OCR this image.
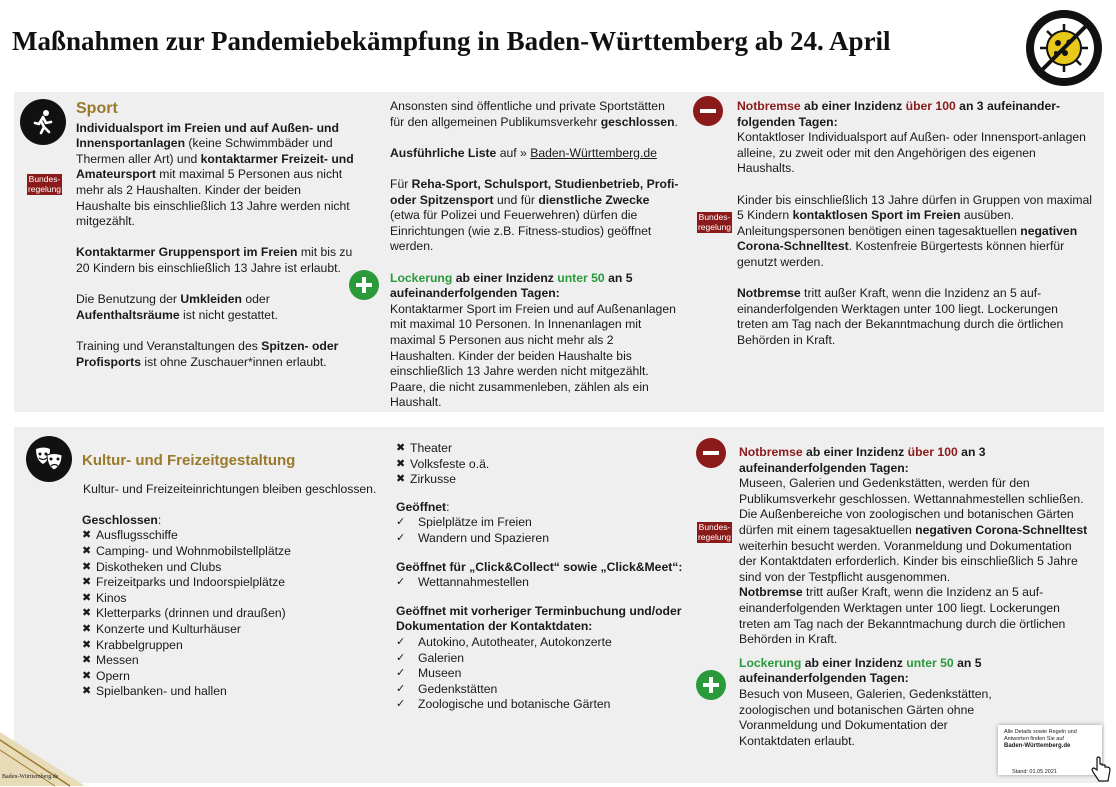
Maßnahmen zur Pandemiebekämpfung in Baden-Württemberg ab 24. April
Bundes-
regelung
Sport
Individualsport im Freien und auf Außen- und Innensportanlagen (keine Schwimmbäder und Thermen aller Art) und kontaktarmer Freizeit- und Amateursport mit maximal 5 Personen aus nicht mehr als 2 Haushalten. Kinder der beiden Haushalte bis einschließlich 13 Jahre werden nicht mitgezählt.
Kontaktarmer Gruppensport im Freien mit bis zu 20 Kindern bis einschließlich 13 Jahre ist erlaubt.
Die Benutzung der Umkleiden oder Aufenthaltsräume ist nicht gestattet.
Training und Veranstaltungen des Spitzen- oder Profisports ist ohne Zuschauer*innen erlaubt.
Ansonsten sind öffentliche und private Sportstätten für den allgemeinen Publikumsverkehr geschlossen.
Ausführliche Liste auf » Baden-Württemberg.de
Für Reha-Sport, Schulsport, Studienbetrieb, Profi- oder Spitzensport und für dienstliche Zwecke (etwa für Polizei und Feuerwehren) dürfen die Einrichtungen (wie z.B. Fitness-studios) geöffnet werden.
Lockerung ab einer Inzidenz unter 50 an 5 aufeinanderfolgenden Tagen:
Kontaktarmer Sport im Freien und auf Außenanlagen mit maximal 10 Personen. In Innenanlagen mit maximal 5 Personen aus nicht mehr als 2 Haushalten. Kinder der beiden Haushalte bis einschließlich 13 Jahre werden nicht mitgezählt. Paare, die nicht zusammenleben, zählen als ein Haushalt.
Bundes-
regelung
Notbremse ab einer Inzidenz über 100 an 3 aufeinander-folgenden Tagen:
Kontaktloser Individualsport auf Außen- oder Innensport-anlagen alleine, zu zweit oder mit den Angehörigen des eigenen Haushalts.
Kinder bis einschließlich 13 Jahre dürfen in Gruppen von maximal 5 Kindern kontaktlosen Sport im Freien ausüben. Anleitungspersonen benötigen einen tagesaktuellen negativen Corona-Schnelltest. Kostenfreie Bürgertests können hierfür genutzt werden.
Notbremse tritt außer Kraft, wenn die Inzidenz an 5 auf-einanderfolgenden Werktagen unter 100 liegt. Lockerungen treten am Tag nach der Bekanntmachung durch die örtlichen Behörden in Kraft.
Kultur- und Freizeitgestaltung
Kultur- und Freizeiteinrichtungen bleiben geschlossen.
Geschlossen:
✖ Ausflugsschiffe
✖ Camping- und Wohnmobilstellplätze
✖ Diskotheken und Clubs
✖ Freizeitparks und Indoorspielplätze
✖ Kinos
✖ Kletterparks (drinnen und draußen)
✖ Konzerte und Kulturhäuser
✖ Krabbelgruppen
✖ Messen
✖ Opern
✖ Spielbanken- und hallen
✖ Theater
✖ Volksfeste o.ä.
✖ Zirkusse
Geöffnet:
✓ Spielplätze im Freien
✓ Wandern und Spazieren
Geöffnet für „Click&Collect“ sowie „Click&Meet“:
✓ Wettannahmestellen
Geöffnet mit vorheriger Terminbuchung und/oder Dokumentation der Kontaktdaten:
✓ Autokino, Autotheater, Autokonzerte
✓ Galerien
✓ Museen
✓ Gedenkstätten
✓ Zoologische und botanische Gärten
Bundes-
regelung
Notbremse ab einer Inzidenz über 100 an 3 aufeinanderfolgenden Tagen:
Museen, Galerien und Gedenkstätten, werden für den Publikumsverkehr geschlossen. Wettannahmestellen schließen. Die Außenbereiche von zoologischen und botanischen Gärten dürfen mit einem tagesaktuellen negativen Corona-Schnelltest weiterhin besucht werden. Voranmeldung und Dokumentation der Kontaktdaten erforderlich. Kinder bis einschließlich 5 Jahre sind von der Testpflicht ausgenommen.
Notbremse tritt außer Kraft, wenn die Inzidenz an 5 auf-einanderfolgenden Werktagen unter 100 liegt. Lockerungen treten am Tag nach der Bekanntmachung durch die örtlichen Behörden in Kraft.
Lockerung ab einer Inzidenz unter 50 an 5 aufeinanderfolgenden Tagen:
Besuch von Museen, Galerien, Gedenkstätten, zoologischen und botanischen Gärten ohne Voranmeldung und Dokumentation der Kontaktdaten erlaubt.
Alle Details sowie Regeln und
Antworten finden Sie auf
Baden-Württemberg.de
Stand: 01.05.2021
Baden-Württemberg.de
